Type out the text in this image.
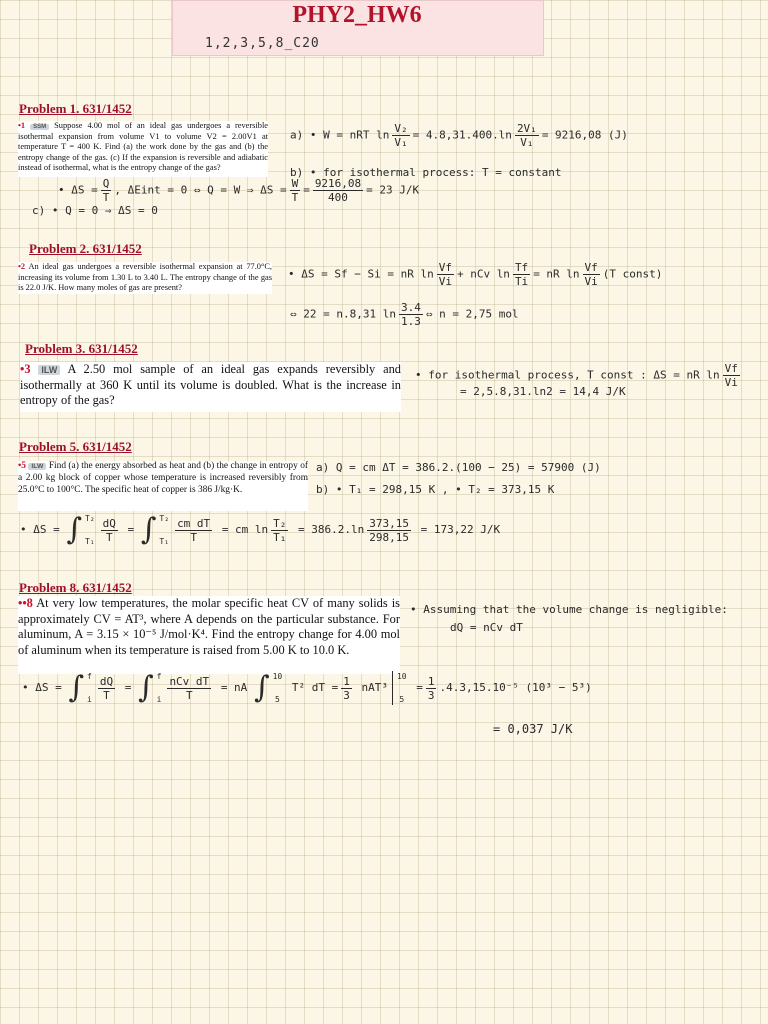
PHY2_HW6
1,2,3,5,8_C20
Problem 1. 631/1452
•1 SSM Suppose 4.00 mol of an ideal gas undergoes a reversible isothermal expansion from volume V1 to volume V2 = 2.00V1 at temperature T = 400 K. Find (a) the work done by the gas and (b) the entropy change of the gas. (c) If the expansion is reversible and adiabatic instead of isothermal, what is the entropy change of the gas?
a) • W = nRT $\ln \frac{\text{V₂}}{\text{V₁}} = 4.8,31.400.\ln \frac{\text{2V₁}}{\text{V₁}} = 9216,08$ (J)
b) • for isothermal process: T = constant
• $\Delta S = \frac{Q}{T}$ , ΔEint = 0 ⇔ Q = W ⇒ $\Delta S = \frac{W}{T} = \frac{9216,08}{400} = 23$ J/K
c) • Q = 0 ⇒ ΔS = 0
Problem 2. 631/1452
•2 An ideal gas undergoes a reversible isothermal expansion at 77.0°C, increasing its volume from 1.30 L to 3.40 L. The entropy change of the gas is 22.0 J/K. How many moles of gas are present?
• ΔS = Sf − Si = nR $\ln \frac{Vf}{Vi}$ + nCv $\ln \frac{Tf}{Ti}$ = nR $\ln \frac{Vf}{Vi} (T$ const)
⇔ 22 = n.8,31 $\ln \frac{3.4}{1.3}$ ⇔ n = 2,75 mol
Problem 3. 631/1452
•3 ILW A 2.50 mol sample of an ideal gas expands reversibly and isothermally at 360 K until its volume is doubled. What is the increase in entropy of the gas?
• for isothermal process, T const : ΔS = nR $\ln \frac{Vf}{Vi}$
= 2,5.8,31.ln2 = 14,4 J/K
Problem 5. 631/1452
•5 ILW Find (a) the energy absorbed as heat and (b) the change in entropy of a 2.00 kg block of copper whose temperature is increased reversibly from 25.0°C to 100°C. The specific heat of copper is 386 J/kg·K.
a) Q = cm ΔT = 386.2.(100 − 25) = 57900 (J)
b) • T₁ = 298,15 K , • T₂ = 373,15 K
• ΔS = ∫ T₂
$T_1 \frac{dQ}{T}$ = ∫ T₂
$T_1 \frac{\text{cm dT}}{T}$ = cm $\ln \frac{\text{T₂}}{\text{T₁}} = 386.2.\ln \frac{373,15}{298,15} = 173,22$ J/K
Problem 8. 631/1452
••8 At very low temperatures, the molar specific heat CV of many solids is approximately CV = AT³, where A depends on the particular substance. For aluminum, A = 3.15 × 10⁻⁵ J/mol·K⁴. Find the entropy change for 4.00 mol of aluminum when its temperature is raised from 5.00 K to 10.0 K.
• Assuming that the volume change is negligible:
dQ = nCv dT
• ΔS = ∫ f
i $\frac{dQ}{T}$ = ∫ f
i $\frac{\text{nCv dT}}{T}$ = nA ∫ 10
5
T² dT = $\frac{1}{3} nAT^3$
10
5
= $\frac{1}{3} .4.3,15.10^{-5}$ (10³ − 5³)
= 0,037 J/K
